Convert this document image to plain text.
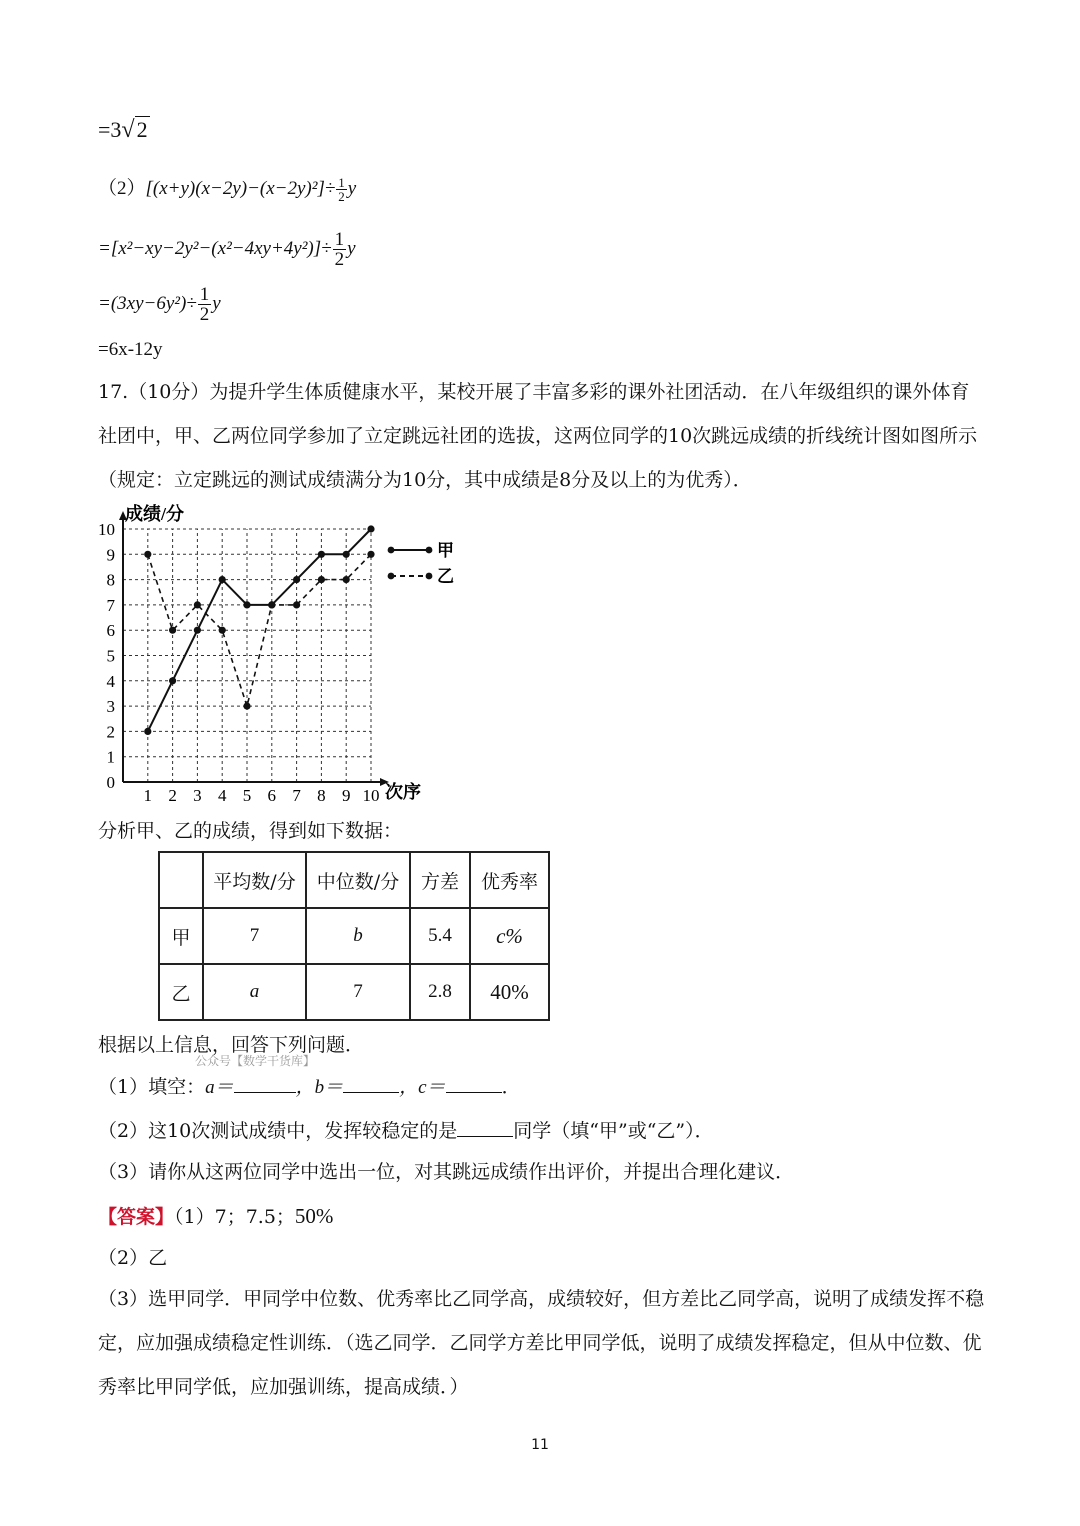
=3√2
$(2)[(x+y)(x-2y)-(x-2y)^2]\div \frac{1}{2}$ y
$=[x^2-xy-2y^2-(x^2-4xy+4y^2)]\div \frac{1}{2}$ y
$=(3xy-6y^2)\div \frac{1}{2}$ y
=6x-12y
17.（10分）为提升学生体质健康水平，某校开展了丰富多彩的课外社团活动．在八年级组织的课外体育社团中，甲、乙两位同学参加了立定跳远社团的选拔，这两位同学的10次跳远成绩的折线统计图如图所示（规定：立定跳远的测试成绩满分为10分，其中成绩是8分及以上的为优秀）．
0
1
2
3
4
5
6
7
8
9
10
1 2 3 4 5 6 7 8 9 10
甲
乙
成绩/分
次序
分析甲、乙的成绩，得到如下数据：
	平均数/分	中位数/分	方差	优秀率
甲	7	b	5.4	c%
乙	a	7	2.8	40%
根据以上信息，回答下列问题．
公众号【数学干货库】
（1）填空：a＝	，b＝	，c＝	．
（2）这10次测试成绩中，发挥较稳定的是	同学（填“甲”或“乙”）．
（3）请你从这两位同学中选出一位，对其跳远成绩作出评价，并提出合理化建议．
【答案】（1）7；7.5；50%
（2）乙
（3）选甲同学．甲同学中位数、优秀率比乙同学高，成绩较好，但方差比乙同学高，说明了成绩发挥不稳定，应加强成绩稳定性训练．（选乙同学．乙同学方差比甲同学低，说明了成绩发挥稳定，但从中位数、优秀率比甲同学低，应加强训练，提高成绩．）
11
